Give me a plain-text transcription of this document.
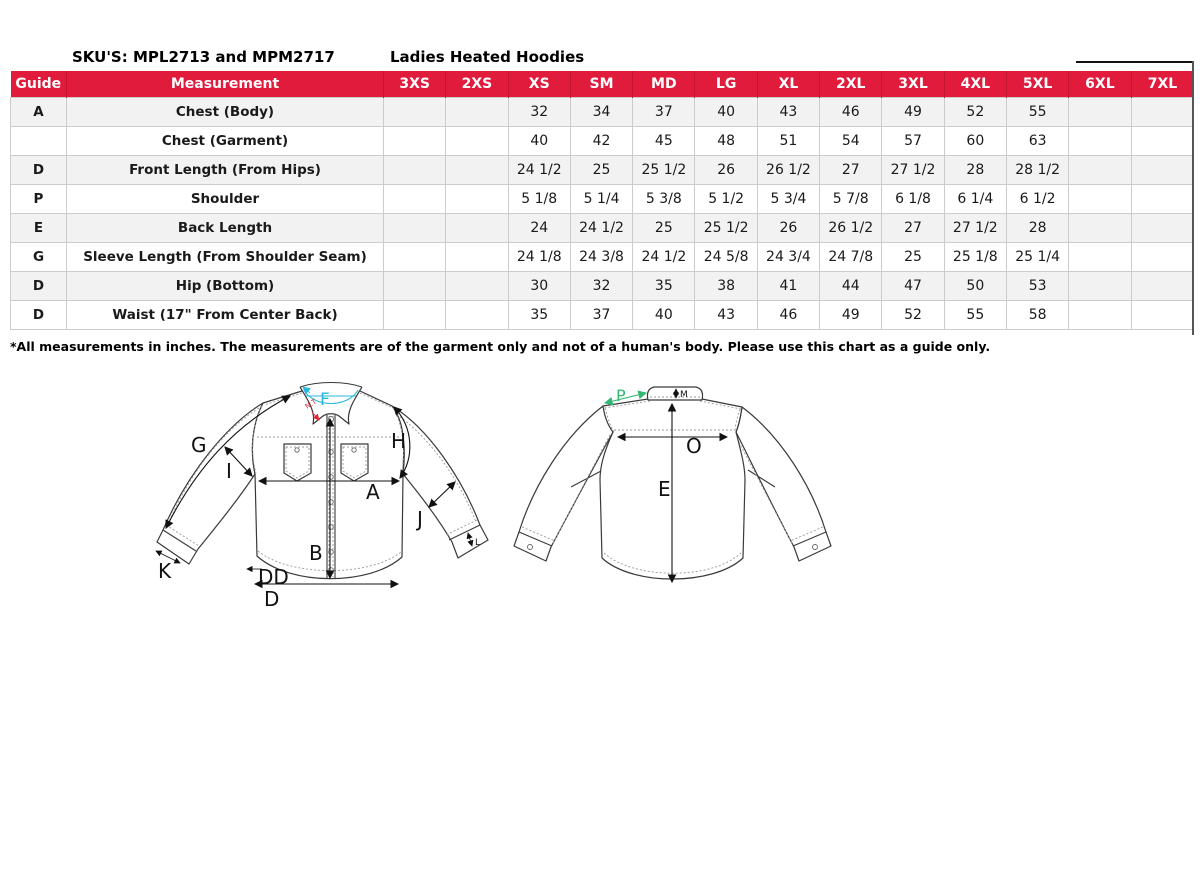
SKU'S: MPL2713 and MPM2717	Ladies Heated Hoodies
Guide	Measurement	3XS	2XS	XS	SM	MD	LG	XL	2XL	3XL	4XL	5XL	6XL	7XL
A	Chest (Body)			32	34	37	40	43	46	49	52	55		
	Chest (Garment)			40	42	45	48	51	54	57	60	63		
D	Front Length (From Hips)			24 1/2	25	25 1/2	26	26 1/2	27	27 1/2	28	28 1/2		
P	Shoulder			5 1/8	5 1/4	5 3/8	5 1/2	5 3/4	5 7/8	6 1/8	6 1/4	6 1/2		
E	Back Length			24	24 1/2	25	25 1/2	26	26 1/2	27	27 1/2	28		
G	Sleeve Length (From Shoulder Seam)			24 1/8	24 3/8	24 1/2	24 5/8	24 3/4	24 7/8	25	25 1/8	25 1/4		
D	Hip (Bottom)			30	32	35	38	41	44	47	50	53		
D	Waist (17" From Center Back)			35	37	40	43	46	49	52	55	58		
*All measurements in inches. The measurements are of the garment only and not of a human's body. Please use this chart as a guide only.
G
I
H
A
J
B
K	DD
D
F
N.T
L
P	M
O
E
